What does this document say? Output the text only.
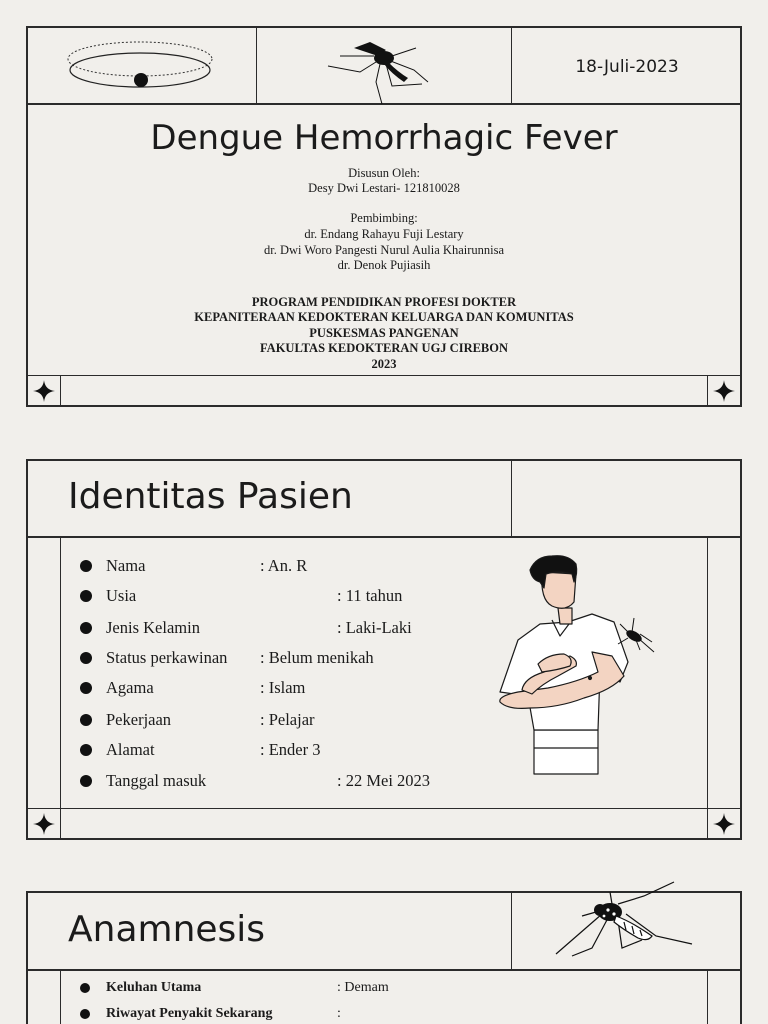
18-Juli-2023
Dengue Hemorrhagic Fever
Disusun Oleh:
Desy Dwi Lestari- 121810028
Pembimbing:
dr. Endang Rahayu Fuji Lestary
dr. Dwi Woro Pangesti Nurul Aulia Khairunnisa
dr. Denok Pujiasih
PROGRAM PENDIDIKAN PROFESI DOKTER
KEPANITERAAN KEDOKTERAN KELUARGA DAN KOMUNITAS
PUSKESMAS PANGENAN
FAKULTAS KEDOKTERAN UGJ CIREBON
2023
Identitas Pasien
Nama	: An. R
Usia	: 11 tahun
Jenis Kelamin	: Laki-Laki
Status perkawinan : Belum menikah
Agama	: Islam
Pekerjaan	: Pelajar
Alamat	: Ender 3
Tanggal masuk	: 22 Mei 2023
Anamnesis
Keluhan Utama	: Demam
Riwayat Penyakit Sekarang	:
